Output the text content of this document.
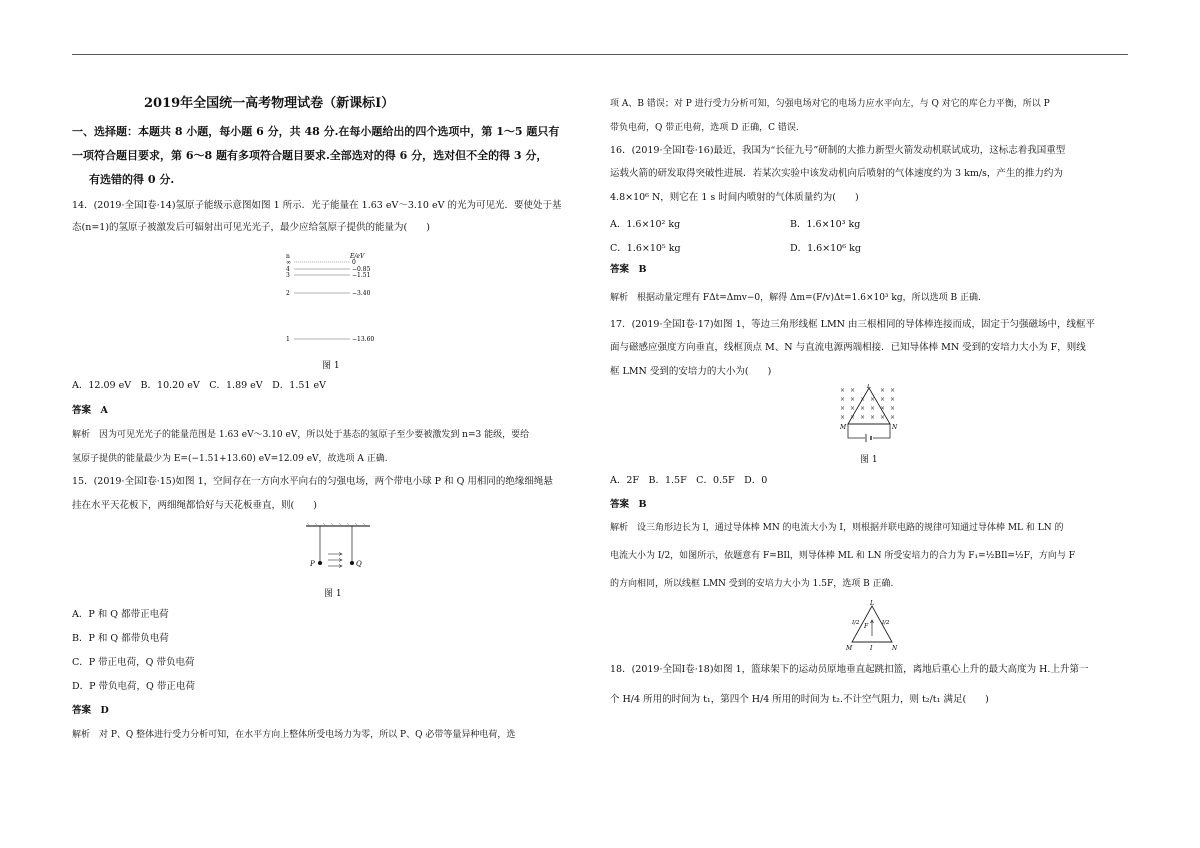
2019年全国统一高考物理试卷（新课标Ⅰ）
一、选择题：本题共 8 小题，每小题 6 分，共 48 分.在每小题给出的四个选项中，第 1～5 题只有
一项符合题目要求，第 6～8 题有多项符合题目要求.全部选对的得 6 分，选对但不全的得 3 分，
有选错的得 0 分.
14．(2019·全国Ⅰ卷·14)氢原子能级示意图如图 1 所示．光子能量在 1.63 eV～3.10 eV 的光为可见光．要使处于基
态(n=1)的氢原子被激发后可辐射出可见光光子，最少应给氢原子提供的能量为(　　)
n	E/eV
∞	0
4	−0.85
3	−1.51
2	−3.40
1	−13.60
图 1
A．12.09 eV　B．10.20 eV　C．1.89 eV　D．1.51 eV
答案　A
解析　因为可见光光子的能量范围是 1.63 eV～3.10 eV，所以处于基态的氢原子至少要被激发到 n=3 能级，要给
氢原子提供的能量最少为 E=(−1.51+13.60) eV=12.09 eV，故选项 A 正确.
15．(2019·全国Ⅰ卷·15)如图 1，空间存在一方向水平向右的匀强电场，两个带电小球 P 和 Q 用相同的绝缘细绳悬
挂在水平天花板下，两细绳都恰好与天花板垂直，则(　　)
P	Q
图 1
A．P 和 Q 都带正电荷
B．P 和 Q 都带负电荷
C．P 带正电荷，Q 带负电荷
D．P 带负电荷，Q 带正电荷
答案　D
解析　对 P、Q 整体进行受力分析可知，在水平方向上整体所受电场力为零，所以 P、Q 必带等量异种电荷，选
项 A、B 错误；对 P 进行受力分析可知，匀强电场对它的电场力应水平向左，与 Q 对它的库仑力平衡，所以 P
带负电荷，Q 带正电荷，选项 D 正确，C 错误.
16．(2019·全国Ⅰ卷·16)最近，我国为“长征九号”研制的大推力新型火箭发动机联试成功，这标志着我国重型
运载火箭的研发取得突破性进展．若某次实验中该发动机向后喷射的气体速度约为 3 km/s，产生的推力约为
4.8×10⁶ N，则它在 1 s 时间内喷射的气体质量约为(　　)
A．1.6×10² kg	B．1.6×10³ kg
C．1.6×10⁵ kg	D．1.6×10⁶ kg
答案　B
解析　根据动量定理有 FΔt=Δmv−0，解得 Δm=(F/v)Δt=1.6×10³ kg，所以选项 B 正确.
17．(2019·全国Ⅰ卷·17)如图 1，等边三角形线框 LMN 由三根相同的导体棒连接而成，固定于匀强磁场中，线框平
面与磁感应强度方向垂直，线框顶点 M、N 与直流电源两端相接．已知导体棒 MN 受到的安培力大小为 F，则线
框 LMN 受到的安培力的大小为(　　)
× ×	× ×
× × × × × ×
× × × × × ×
× × × × × ×
L
M	N
图 1
A．2F　B．1.5F　C．0.5F　D．0
答案　B
解析　设三角形边长为 l，通过导体棒 MN 的电流大小为 I，则根据并联电路的规律可知通过导体棒 ML 和 LN 的
电流大小为 I/2，如图所示，依题意有 F=BIl，则导体棒 ML 和 LN 所受安培力的合力为 F₁=½BIl=½F，方向与 F
的方向相同，所以线框 LMN 受到的安培力大小为 1.5F，选项 B 正确.
L
M	N
I/2	I/2
F
I
18．(2019·全国Ⅰ卷·18)如图 1，篮球架下的运动员原地垂直起跳扣篮，离地后重心上升的最大高度为 H.上升第一
个 H/4 所用的时间为 t₁，第四个 H/4 所用的时间为 t₂.不计空气阻力，则 t₂/t₁ 满足(　　)
